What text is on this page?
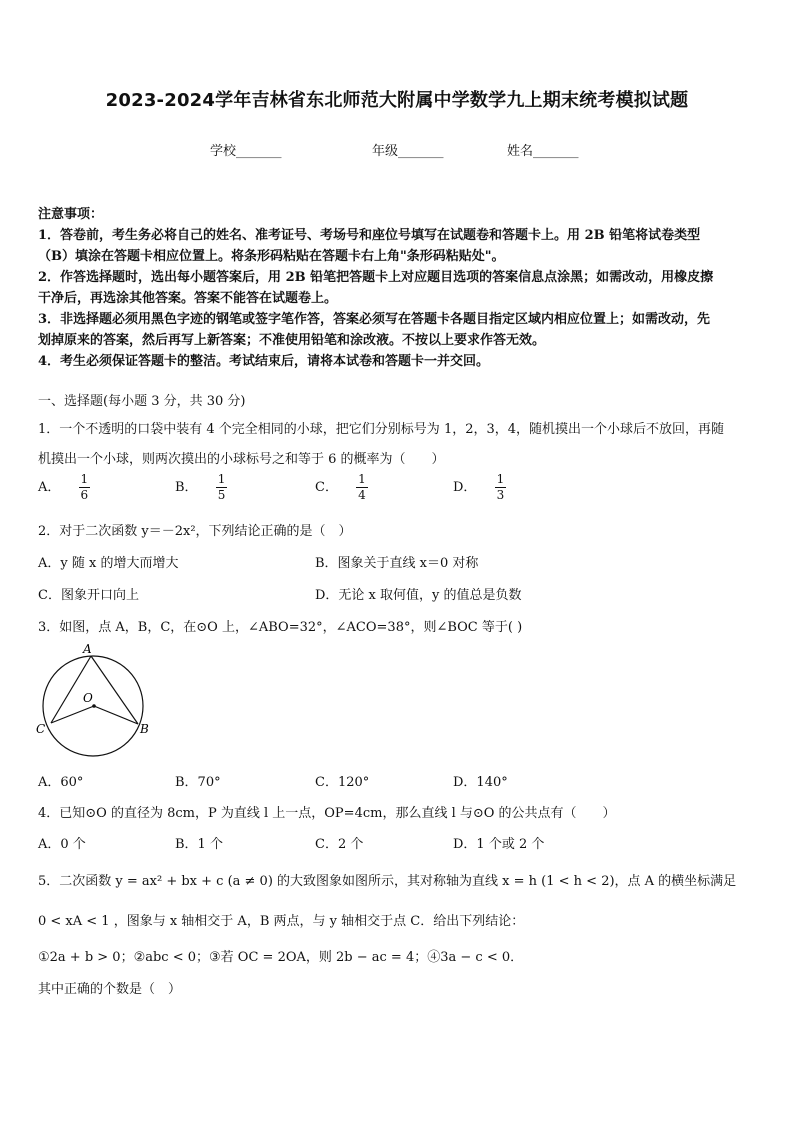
2023-2024学年吉林省东北师范大附属中学数学九上期末统考模拟试题
学校_______	年级_______	姓名_______
注意事项：
1．答卷前，考生务必将自己的姓名、准考证号、考场号和座位号填写在试题卷和答题卡上。用 2B 铅笔将试卷类型
（B）填涂在答题卡相应位置上。将条形码粘贴在答题卡右上角"条形码粘贴处"。
2．作答选择题时，选出每小题答案后，用 2B 铅笔把答题卡上对应题目选项的答案信息点涂黑；如需改动，用橡皮擦
干净后，再选涂其他答案。答案不能答在试题卷上。
3．非选择题必须用黑色字迹的钢笔或签字笔作答，答案必须写在答题卡各题目指定区域内相应位置上；如需改动，先
划掉原来的答案，然后再写上新答案；不准使用铅笔和涂改液。不按以上要求作答无效。
4．考生必须保证答题卡的整洁。考试结束后，请将本试卷和答题卡一并交回。
一、选择题(每小题 3 分，共 30 分)
1．一个不透明的口袋中装有 4 个完全相同的小球，把它们分别标号为 1，2，3，4，随机摸出一个小球后不放回，再随
机摸出一个小球，则两次摸出的小球标号之和等于 6 的概率为（　　）
A． $\frac{1}{6}$	B． $\frac{1}{5}$	C． $\frac{1}{4}$	D． $\frac{1}{3}$
2．对于二次函数 y＝－2x²，下列结论正确的是（　）
A．y 随 x 的增大而增大	B．图象关于直线 x＝0 对称
C．图象开口向上	D．无论 x 取何值，y 的值总是负数
3．如图，点 A，B，C，在⊙O 上，∠ABO=32°，∠ACO=38°，则∠BOC 等于( )
A
O
C	B
A．60°	B．70°	C．120°	D．140°
4．已知⊙O 的直径为 8cm，P 为直线 l 上一点，OP=4cm，那么直线 l 与⊙O 的公共点有（　　）
A．0 个	B．1 个	C．2 个	D．1 个或 2 个
5．二次函数 y = ax² + bx + c (a ≠ 0) 的大致图象如图所示，其对称轴为直线 x = h (1 < h < 2)，点 A 的横坐标满足
0 < xA < 1 ，图象与 x 轴相交于 A，B 两点，与 y 轴相交于点 C．给出下列结论：
①2a + b > 0；②abc < 0；③若 OC = 2OA，则 2b − ac = 4；④3a − c < 0．
其中正确的个数是（　）
